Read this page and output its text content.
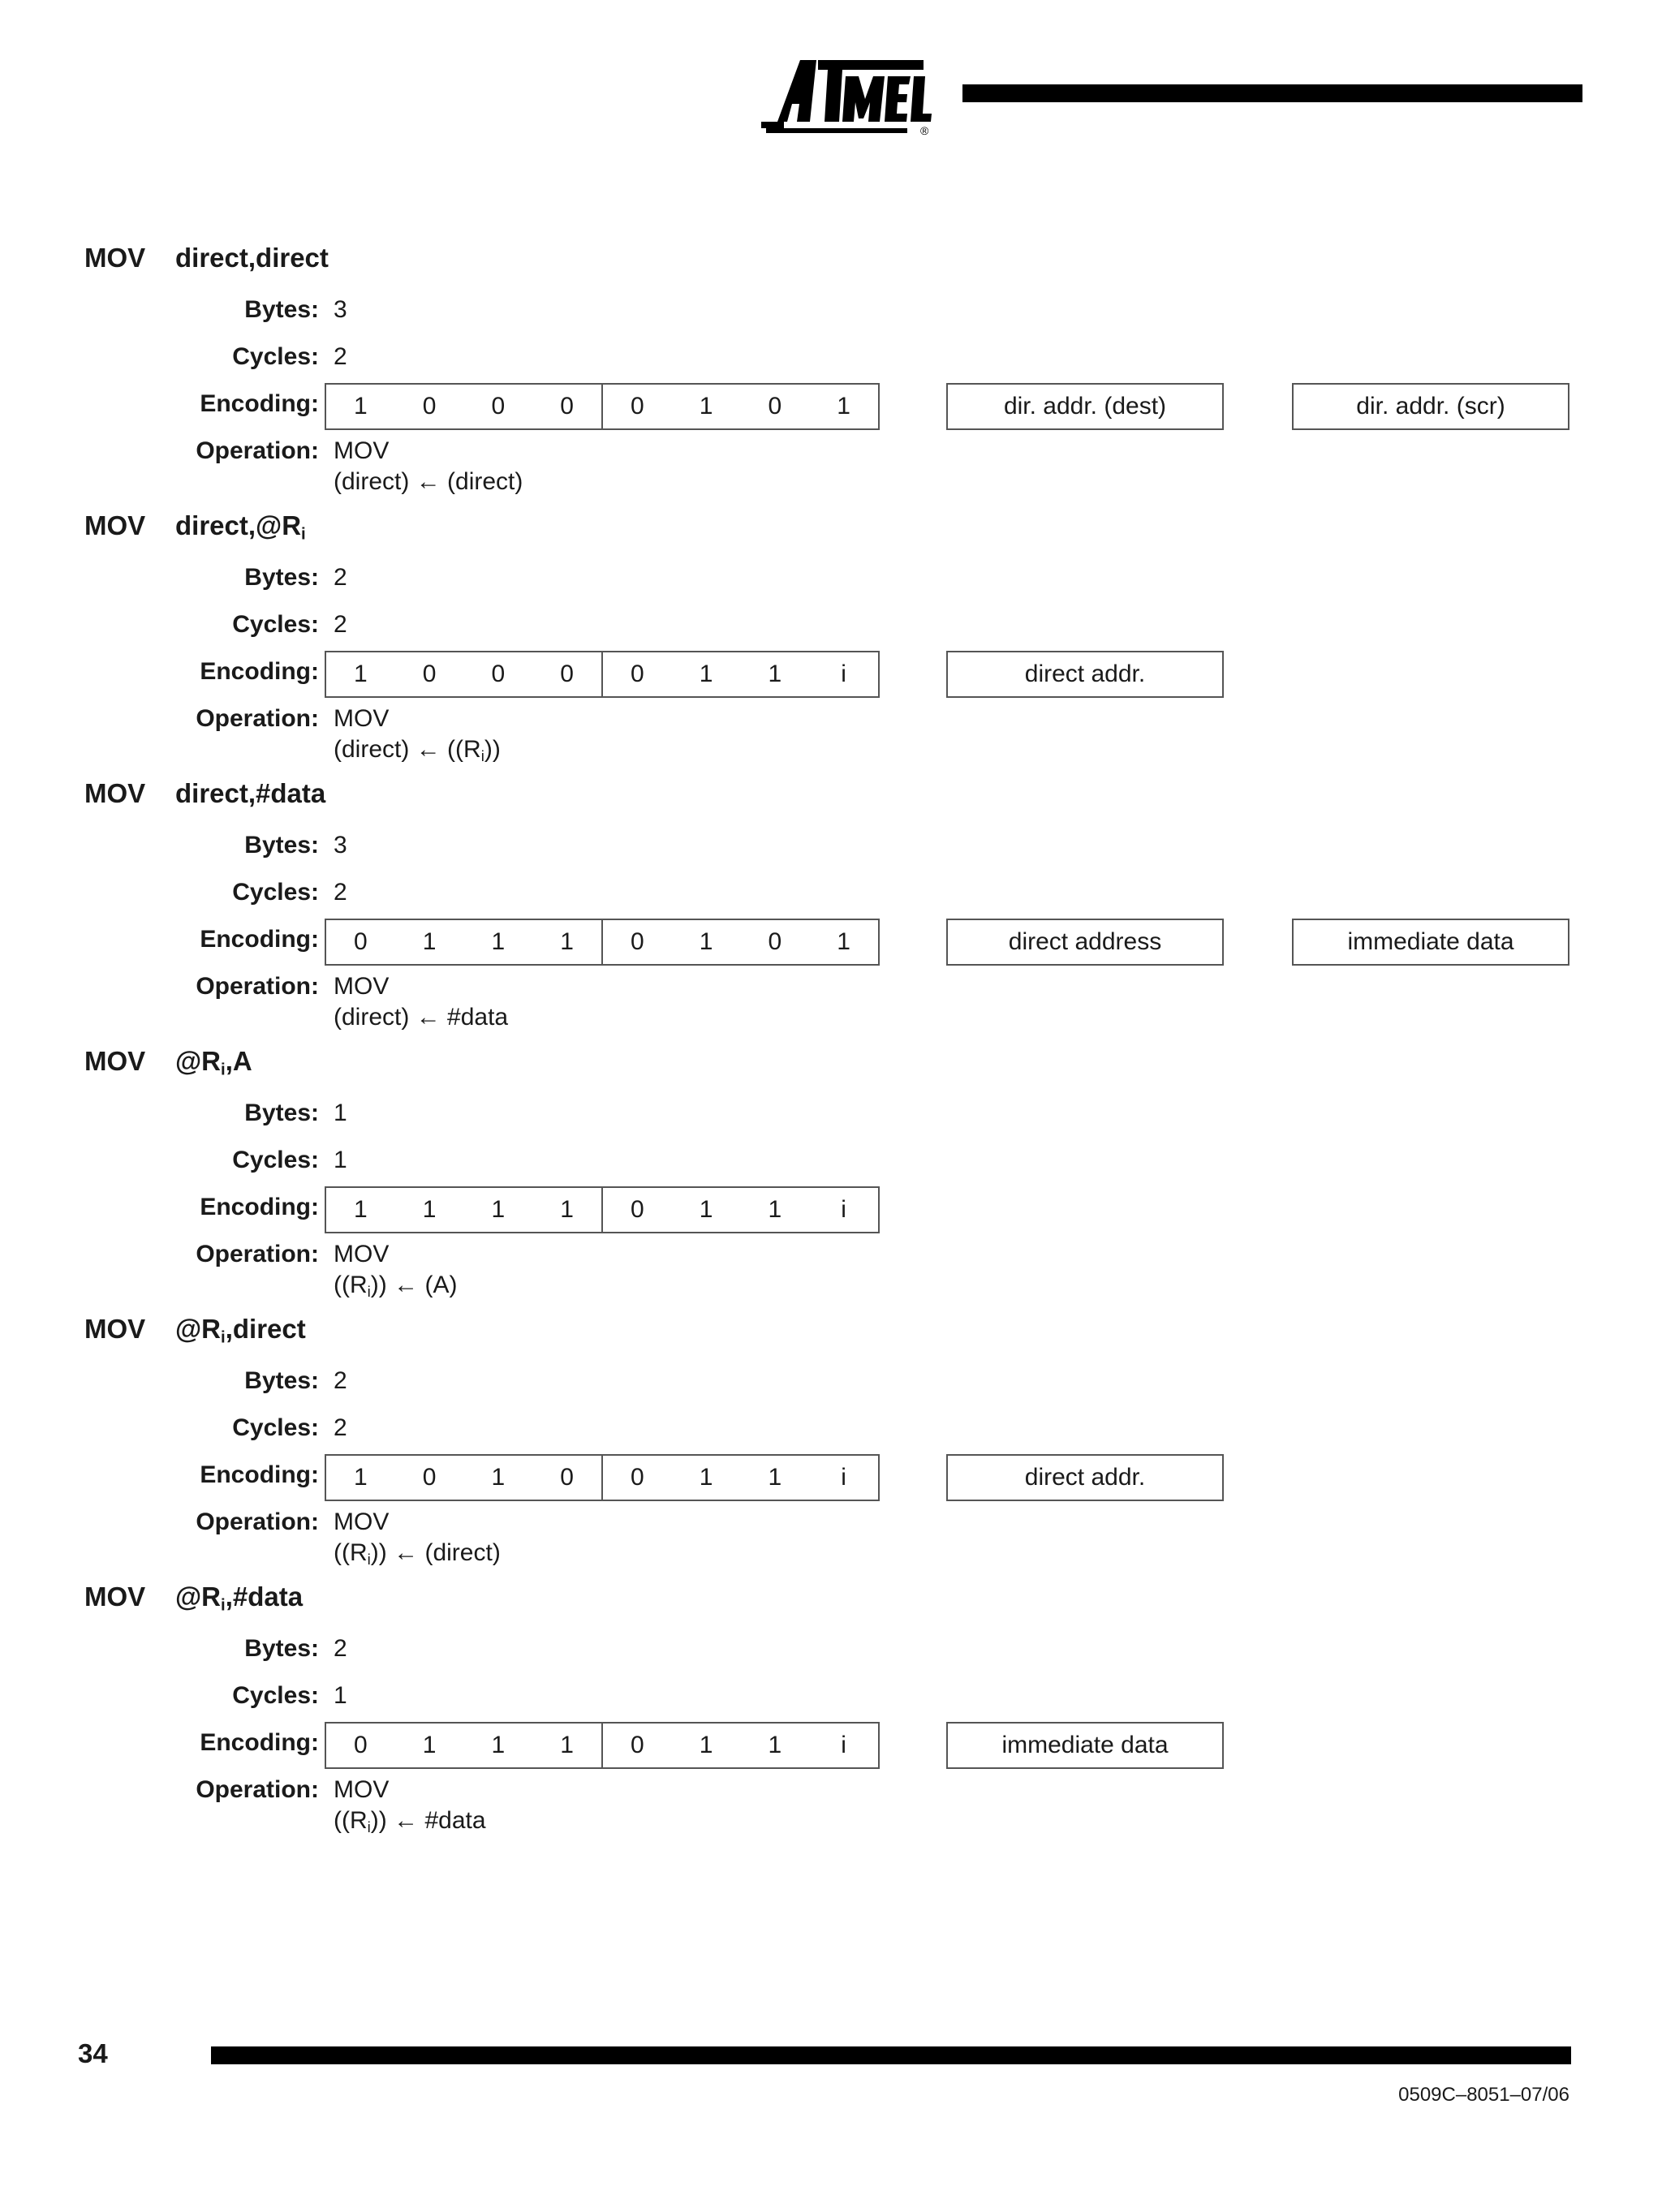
®
MOV direct,direct
Bytes: 3
Cycles: 2
Encoding:	1	0	0	0	0	1	0	1	dir. addr. (dest)	dir. addr. (scr)
Operation: MOV
(direct) ← (direct)
MOV $direct,@R_i$
Bytes: 2
Cycles: 2
Encoding:	1	0	0	0	0	1	1	i	direct addr.
Operation: MOV
(direct) ← $((R_i))$
MOV direct,#data
Bytes: 3
Cycles: 2
Encoding:	0	1	1	1	0	1	0	1	direct address	immediate data
Operation: MOV
(direct) ← #data
MOV $@R_i,A$
Bytes: 1
Cycles: 1
Encoding:	1	1	1	1	0	1	1	i
Operation: MOV
$((R_i))$ ← (A)
MOV $@R_i,direct$
Bytes: 2
Cycles: 2
Encoding:	1	0	1	0	0	1	1	i	direct addr.
Operation: MOV
$((R_i))$ ← (direct)
MOV $@R_i,\#data$
Bytes: 2
Cycles: 1
Encoding:	0	1	1	1	0	1	1	i	immediate data
Operation: MOV
$((R_i))$ ← #data
34
0509C–8051–07/06
